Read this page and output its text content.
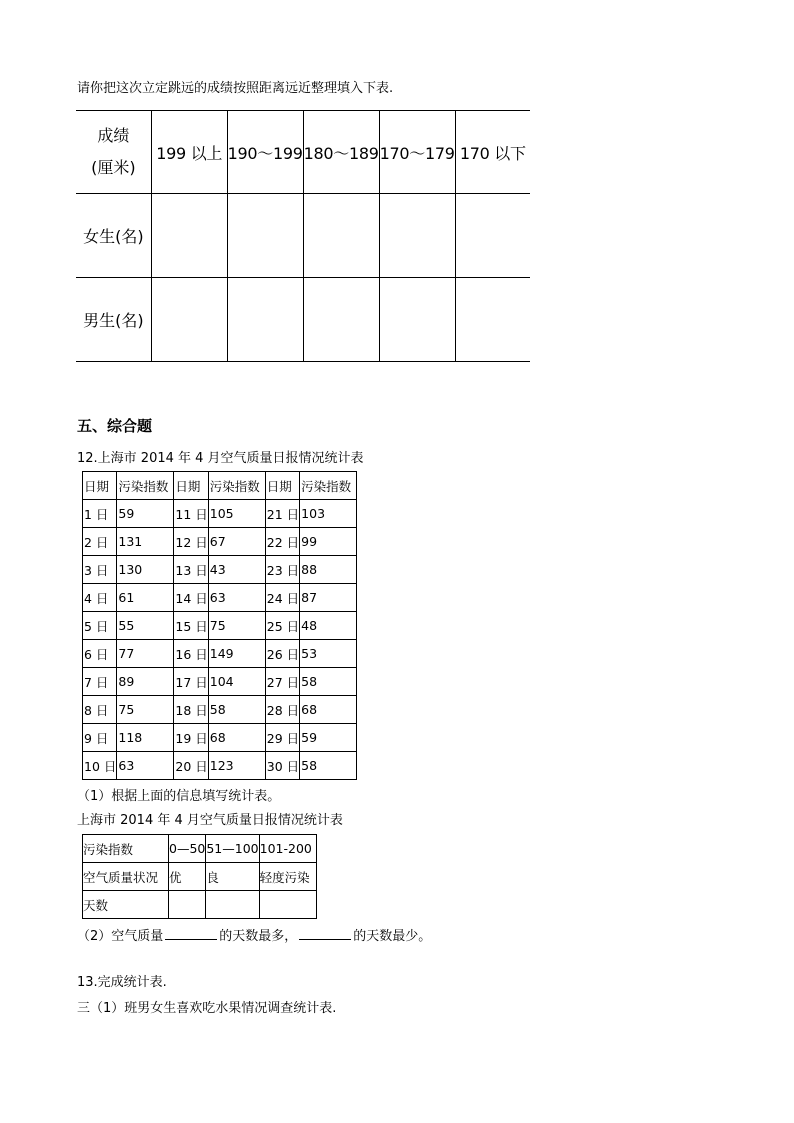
请你把这次立定跳远的成绩按照距离远近整理填入下表.
成绩
(厘米)	199 以上	190～199	180～189	170～179	170 以下
女生(名)					
男生(名)					
五、综合题
12.上海市 2014 年 4 月空气质量日报情况统计表
日期	污染指数	日期	污染指数	日期	污染指数
1 日	59	11 日	105	21 日	103
2 日	131	12 日	67	22 日	99
3 日	130	13 日	43	23 日	88
4 日	61	14 日	63	24 日	87
5 日	55	15 日	75	25 日	48
6 日	77	16 日	149	26 日	53
7 日	89	17 日	104	27 日	58
8 日	75	18 日	58	28 日	68
9 日	118	19 日	68	29 日	59
10 日	63	20 日	123	30 日	58
（1）根据上面的信息填写统计表。
上海市 2014 年 4 月空气质量日报情况统计表
污染指数	0—50	51—100	101-200
空气质量状况	优	良	轻度污染
天数			
（2）空气质量	的天数最多，	的天数最少。
13.完成统计表.
三（1）班男女生喜欢吃水果情况调查统计表.
